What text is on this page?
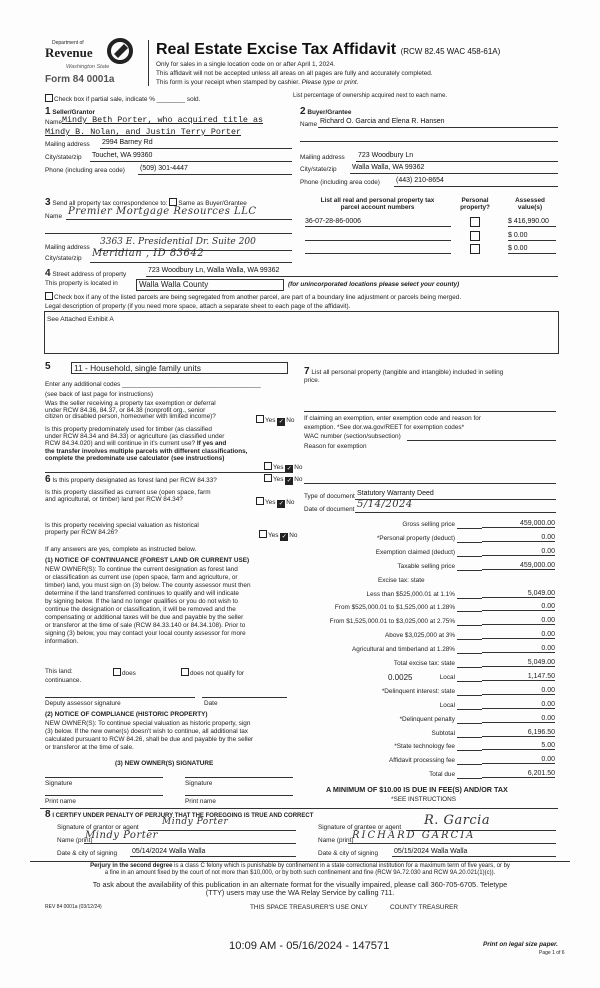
Department of
Revenue
Washington State
Form 84 0001a
Real Estate Excise Tax Affidavit (RCW 82.45 WAC 458-61A)
Only for sales in a single location code on or after April 1, 2024.
This affidavit will not be accepted unless all areas on all pages are fully and accurately completed.
This form is your receipt when stamped by cashier. Please type or print.
Check box if partial sale, indicate % ________ sold.	List percentage of ownership acquired next to each name.
1 Seller/Grantor
Name Mindy Beth Porter, who acquired title as
Mindy B. Nolan, and Justin Terry Porter
Mailing address 2994 Barney Rd
City/state/zip Touchet, WA 99360
Phone (including area code) (509) 301-4447
2 Buyer/Grantee
Name Richard O. Garcia and Elena R. Hansen
Mailing address 723 Woodbury Ln
City/state/zip Walla Walla, WA 99362
Phone (including area code) (443) 210-8654
3 Send all property tax correspondence to: Same as Buyer/Grantee
Name Premier Mortgage Resources LLC
Mailing address
3363 E. Presidential Dr. Suite 200
City/state/zip Meridian , ID 83642
List all real and personal property tax
parcel account numbers
Personal
property?
Assessed
value(s)
36-07-28-86-0006	$ 416,990.00
$ 0.00
$ 0.00
4 Street address of property
723 Woodbury Ln, Walla Walla, WA 99362
This property is located in	Walla Walla County	(for unincorporated locations please select your county)
Check box if any of the listed parcels are being segregated from another parcel, are part of a boundary line adjustment or parcels being merged.
Legal description of property (if you need more space, attach a separate sheet to each page of the affidavit).
See Attached Exhibit A
5	11 - Household, single family units
Enter any additional codes _______________________________________
(see back of last page for instructions)
Was the seller receiving a property tax exemption or deferral
under RCW 84.36, 84.37, or 84.38 (nonprofit org., senior
citizen or disabled person, homeowner with limited income)?
Yes ✓ No
Is this property predominately used for timber (as classified
under RCW 84.34 and 84.33) or agriculture (as classified under
RCW 84.34.020) and will continue in it's current use? If yes and
the transfer involves multiple parcels with different classifications,
complete the predominate use calculator (see instructions)
Yes ✓ No
6 Is this property designated as forest land per RCW 84.33?	Yes ✓ No
Is this property classified as current use (open space, farm
and agricultural, or timber) land per RCW 84.34?	Yes ✓ No
Is this property receiving special valuation as historical
property per RCW 84.26?	Yes ✓ No
If any answers are yes, complete as instructed below.
(1) NOTICE OF CONTINUANCE (FOREST LAND OR CURRENT USE)
NEW OWNER(S): To continue the current designation as forest land
or classification as current use (open space, farm and agriculture, or
timber) land, you must sign on (3) below. The county assessor must then
determine if the land transferred continues to qualify and will indicate
by signing below. If the land no longer qualifies or you do not wish to
continue the designation or classification, it will be removed and the
compensating or additional taxes will be due and payable by the seller
or transferor at the time of sale (RCW 84.33.140 or 84.34.108). Prior to
signing (3) below, you may contact your local county assessor for more
information.
This land:	does	does not qualify for
continuance.
Deputy assessor signature	Date
(2) NOTICE OF COMPLIANCE (HISTORIC PROPERTY)
NEW OWNER(S): To continue special valuation as historic property, sign
(3) below. If the new owner(s) doesn't wish to continue, all additional tax
calculated pursuant to RCW 84.26, shall be due and payable by the seller
or transferor at the time of sale.
(3) NEW OWNER(S) SIGNATURE
Signature	Signature
Print name	Print name
7 List all personal property (tangible and intangible) included in selling
price.
If claiming an exemption, enter exemption code and reason for
exemption. *See dor.wa.gov/REET for exemption codes*
WAC number (section/subsection)
Reason for exemption
Type of document Statutory Warranty Deed
Date of document 5/14/2024
Gross selling price	459,000.00
*Personal property (deduct)	0.00
Exemption claimed (deduct)	0.00
Taxable selling price	459,000.00
Excise tax: state
Less than $525,000.01 at 1.1%	5,049.00
From $525,000.01 to $1,525,000 at 1.28%	0.00
From $1,525,000.01 to $3,025,000 at 2.75%	0.00
Above $3,025,000 at 3%	0.00
Agricultural and timberland at 1.28%	0.00
Total excise tax: state	5,049.00
Local	1,147.50
0.0025
*Delinquent interest: state	0.00
Local	0.00
*Delinquent penalty	0.00
Subtotal	6,196.50
*State technology fee	5.00
Affidavit processing fee	0.00
Total due	6,201.50
A MINIMUM OF $10.00 IS DUE IN FEE(S) AND/OR TAX
*SEE INSTRUCTIONS
8 I CERTIFY UNDER PENALTY OF PERJURY THAT THE FOREGOING IS TRUE AND CORRECT
Signature of grantor or agent
Mindy Porter
Name (print)
Mindy Porter
Date & city of signing 05/14/2024 Walla Walla
Signature of grantee or agent R. Garcia
Name (print)
RICHARD GARCIA
Date & city of signing 05/15/2024 Walla Walla
Perjury in the second degree is a class C felony which is punishable by confinement in a state correctional institution for a maximum term of five years, or by
a fine in an amount fixed by the court of not more than $10,000, or by both such confinement and fine (RCW 9A.72.030 and RCW 9A.20.021(1)(c)).
To ask about the availability of this publication in an alternate format for the visually impaired, please call 360-705-6705. Teletype
(TTY) users may use the WA Relay Service by calling 711.
REV 84 0001a (03/12/24)	THIS SPACE TREASURER'S USE ONLY	COUNTY TREASURER
10:09 AM - 05/16/2024 - 147571	Print on legal size paper.
Page 1 of 6
